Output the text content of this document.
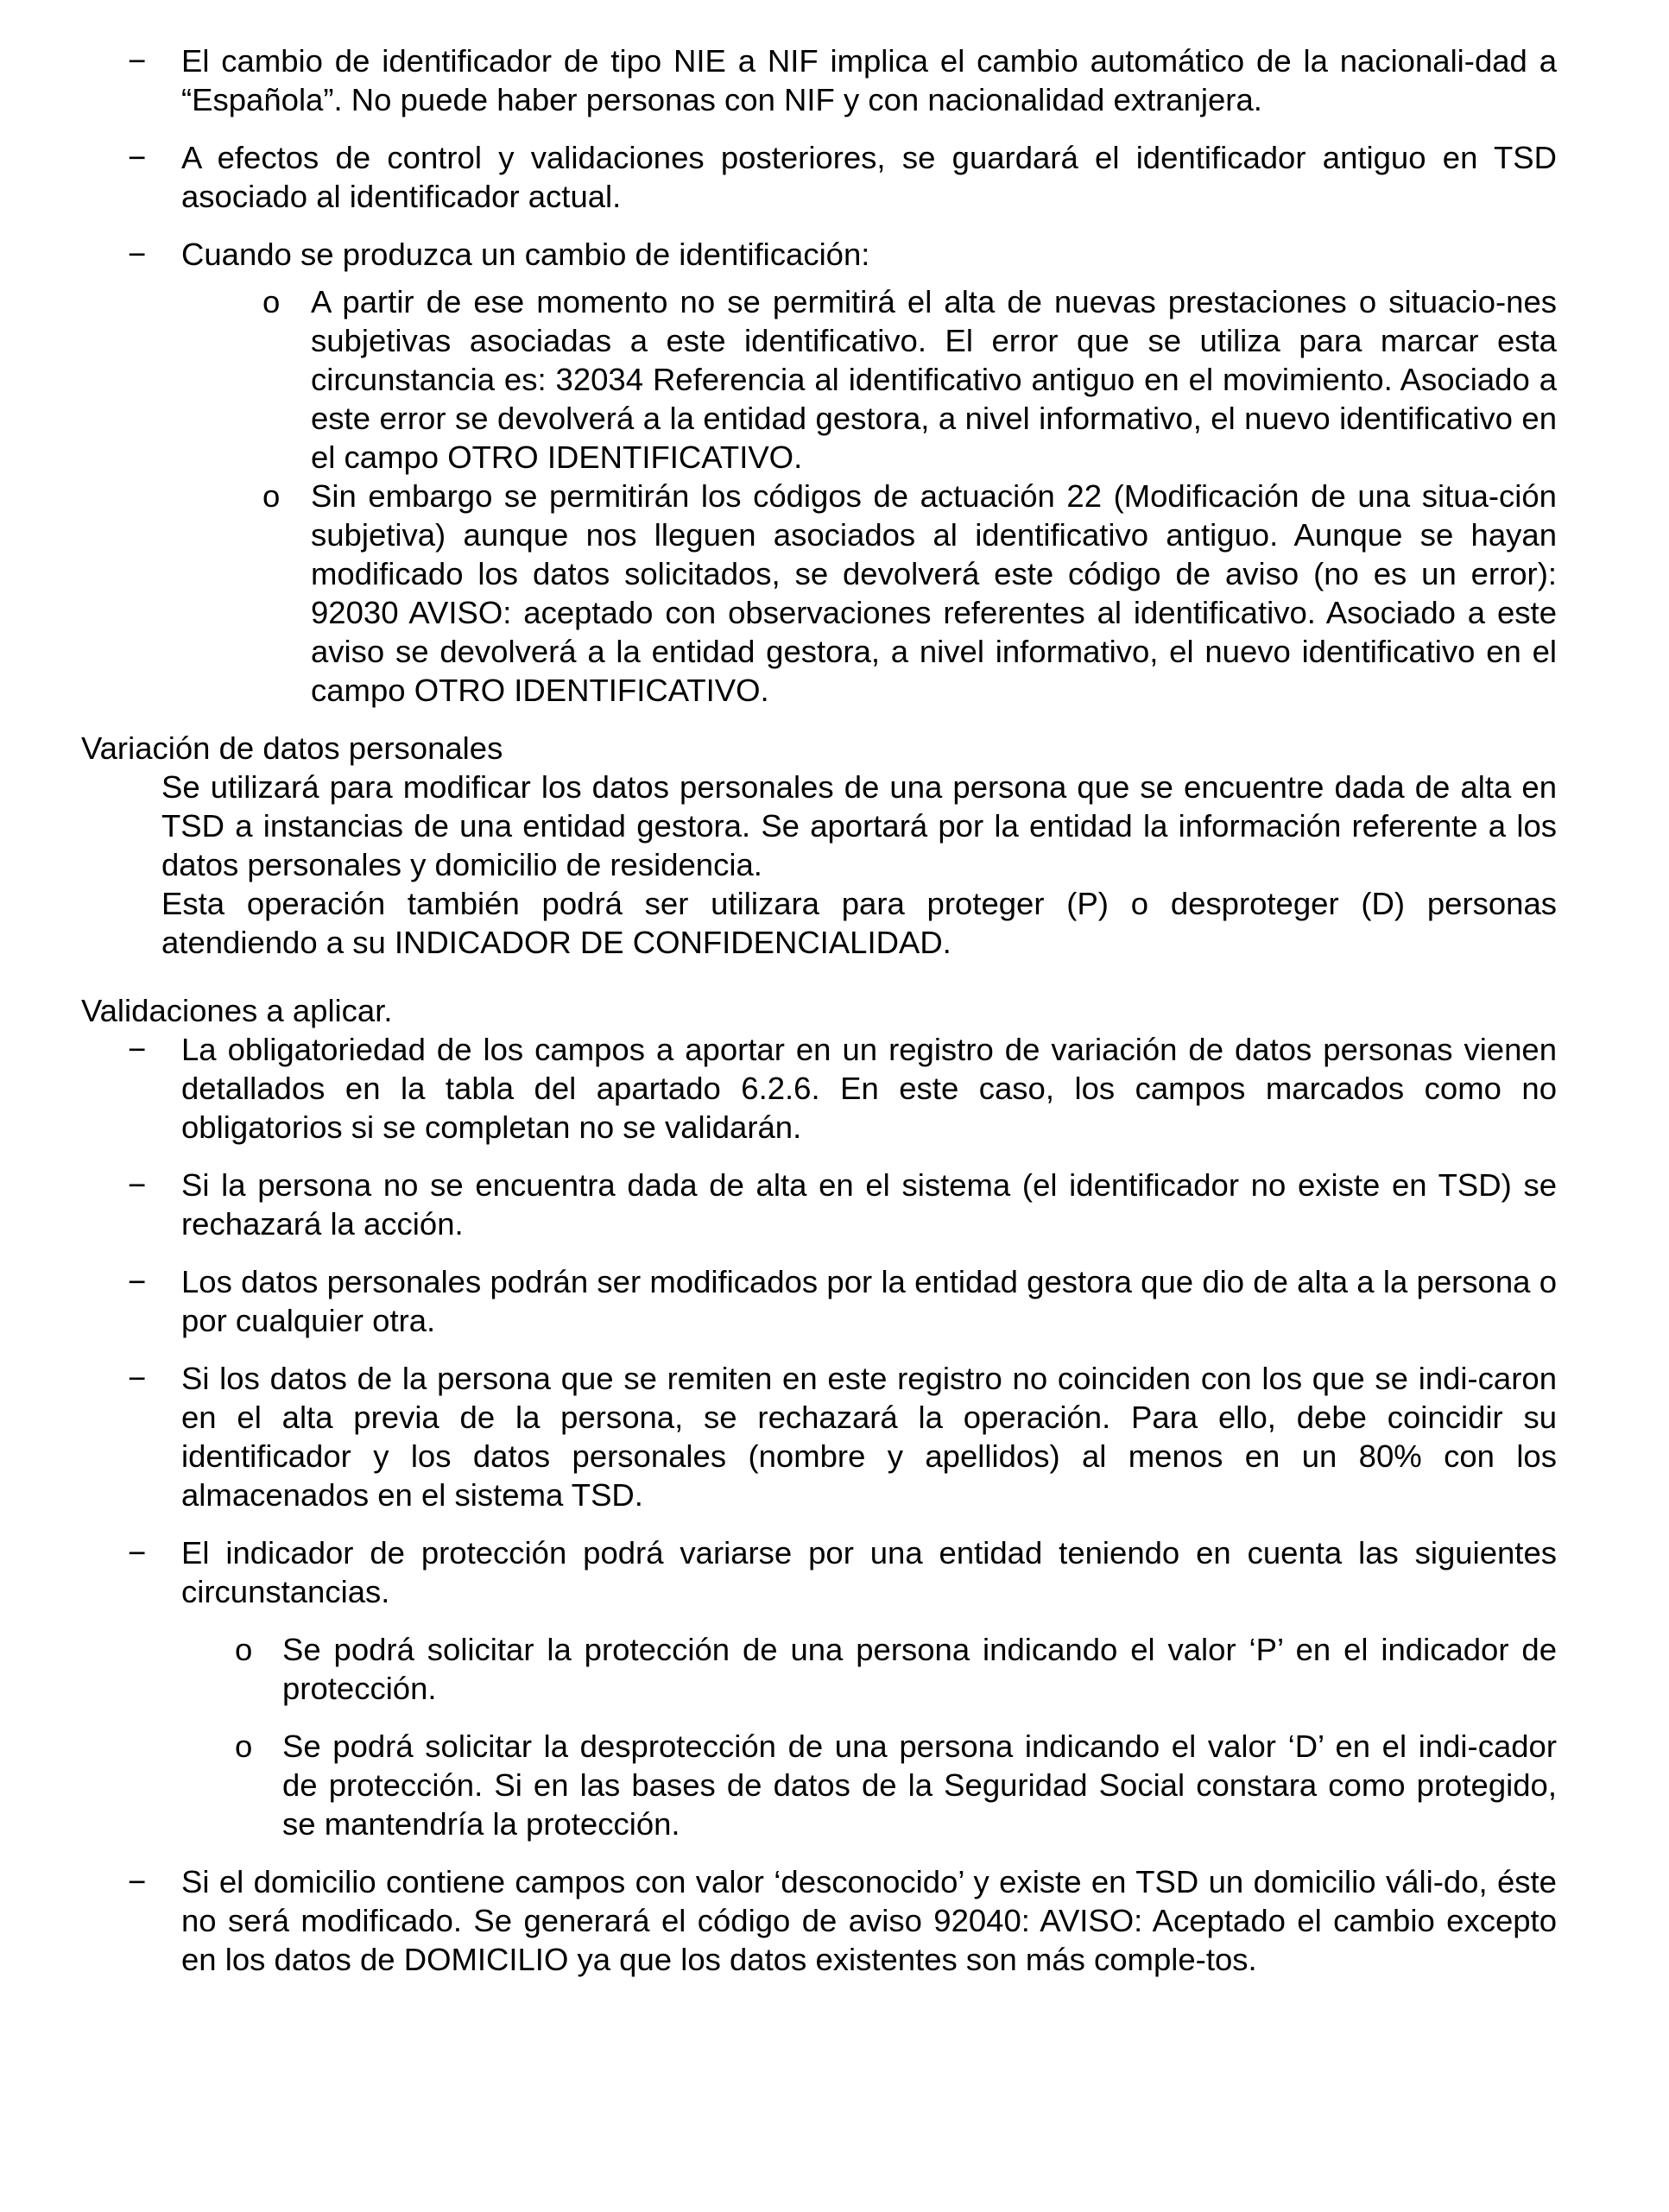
− El cambio de identificador de tipo NIE a NIF implica el cambio automático de la nacionali-dad a “Española”. No puede haber personas con NIF y con nacionalidad extranjera.
− A efectos de control y validaciones posteriores, se guardará el identificador antiguo en TSD asociado al identificador actual.
− Cuando se produzca un cambio de identificación:
o A partir de ese momento no se permitirá el alta de nuevas prestaciones o situacio-nes subjetivas asociadas a este identificativo. El error que se utiliza para marcar esta circunstancia es: 32034 Referencia al identificativo antiguo en el movimiento. Asociado a este error se devolverá a la entidad gestora, a nivel informativo, el nuevo identificativo en el campo OTRO IDENTIFICATIVO.
o Sin embargo se permitirán los códigos de actuación 22 (Modificación de una situa-ción subjetiva) aunque nos lleguen asociados al identificativo antiguo. Aunque se hayan modificado los datos solicitados, se devolverá este código de aviso (no es un error): 92030 AVISO: aceptado con observaciones referentes al identificativo. Asociado a este aviso se devolverá a la entidad gestora, a nivel informativo, el nuevo identificativo en el campo OTRO IDENTIFICATIVO.

Variación de datos personales

Se utilizará para modificar los datos personales de una persona que se encuentre dada de alta en TSD a instancias de una entidad gestora. Se aportará por la entidad la información referente a los datos personales y domicilio de residencia.

Esta operación también podrá ser utilizara para proteger (P) o desproteger (D) personas atendiendo a su INDICADOR DE CONFIDENCIALIDAD.

Validaciones a aplicar.

− La obligatoriedad de los campos a aportar en un registro de variación de datos personas vienen detallados en la tabla del apartado 6.2.6. En este caso, los campos marcados como no obligatorios si se completan no se validarán.
− Si la persona no se encuentra dada de alta en el sistema (el identificador no existe en TSD) se rechazará la acción.
− Los datos personales podrán ser modificados por la entidad gestora que dio de alta a la persona o por cualquier otra.
− Si los datos de la persona que se remiten en este registro no coinciden con los que se indi-caron en el alta previa de la persona, se rechazará la operación. Para ello, debe coincidir su identificador y los datos personales (nombre y apellidos) al menos en un 80% con los almacenados en el sistema TSD.
− El indicador de protección podrá variarse por una entidad teniendo en cuenta las siguientes circunstancias.
o Se podrá solicitar la protección de una persona indicando el valor ‘P’ en el indicador de protección.
o Se podrá solicitar la desprotección de una persona indicando el valor ‘D’ en el indi-cador de protección. Si en las bases de datos de la Seguridad Social constara como protegido, se mantendría la protección.
− Si el domicilio contiene campos con valor ‘desconocido’ y existe en TSD un domicilio váli-do, éste no será modificado. Se generará el código de aviso 92040: AVISO: Aceptado el cambio excepto en los datos de DOMICILIO ya que los datos existentes son más comple-tos.
